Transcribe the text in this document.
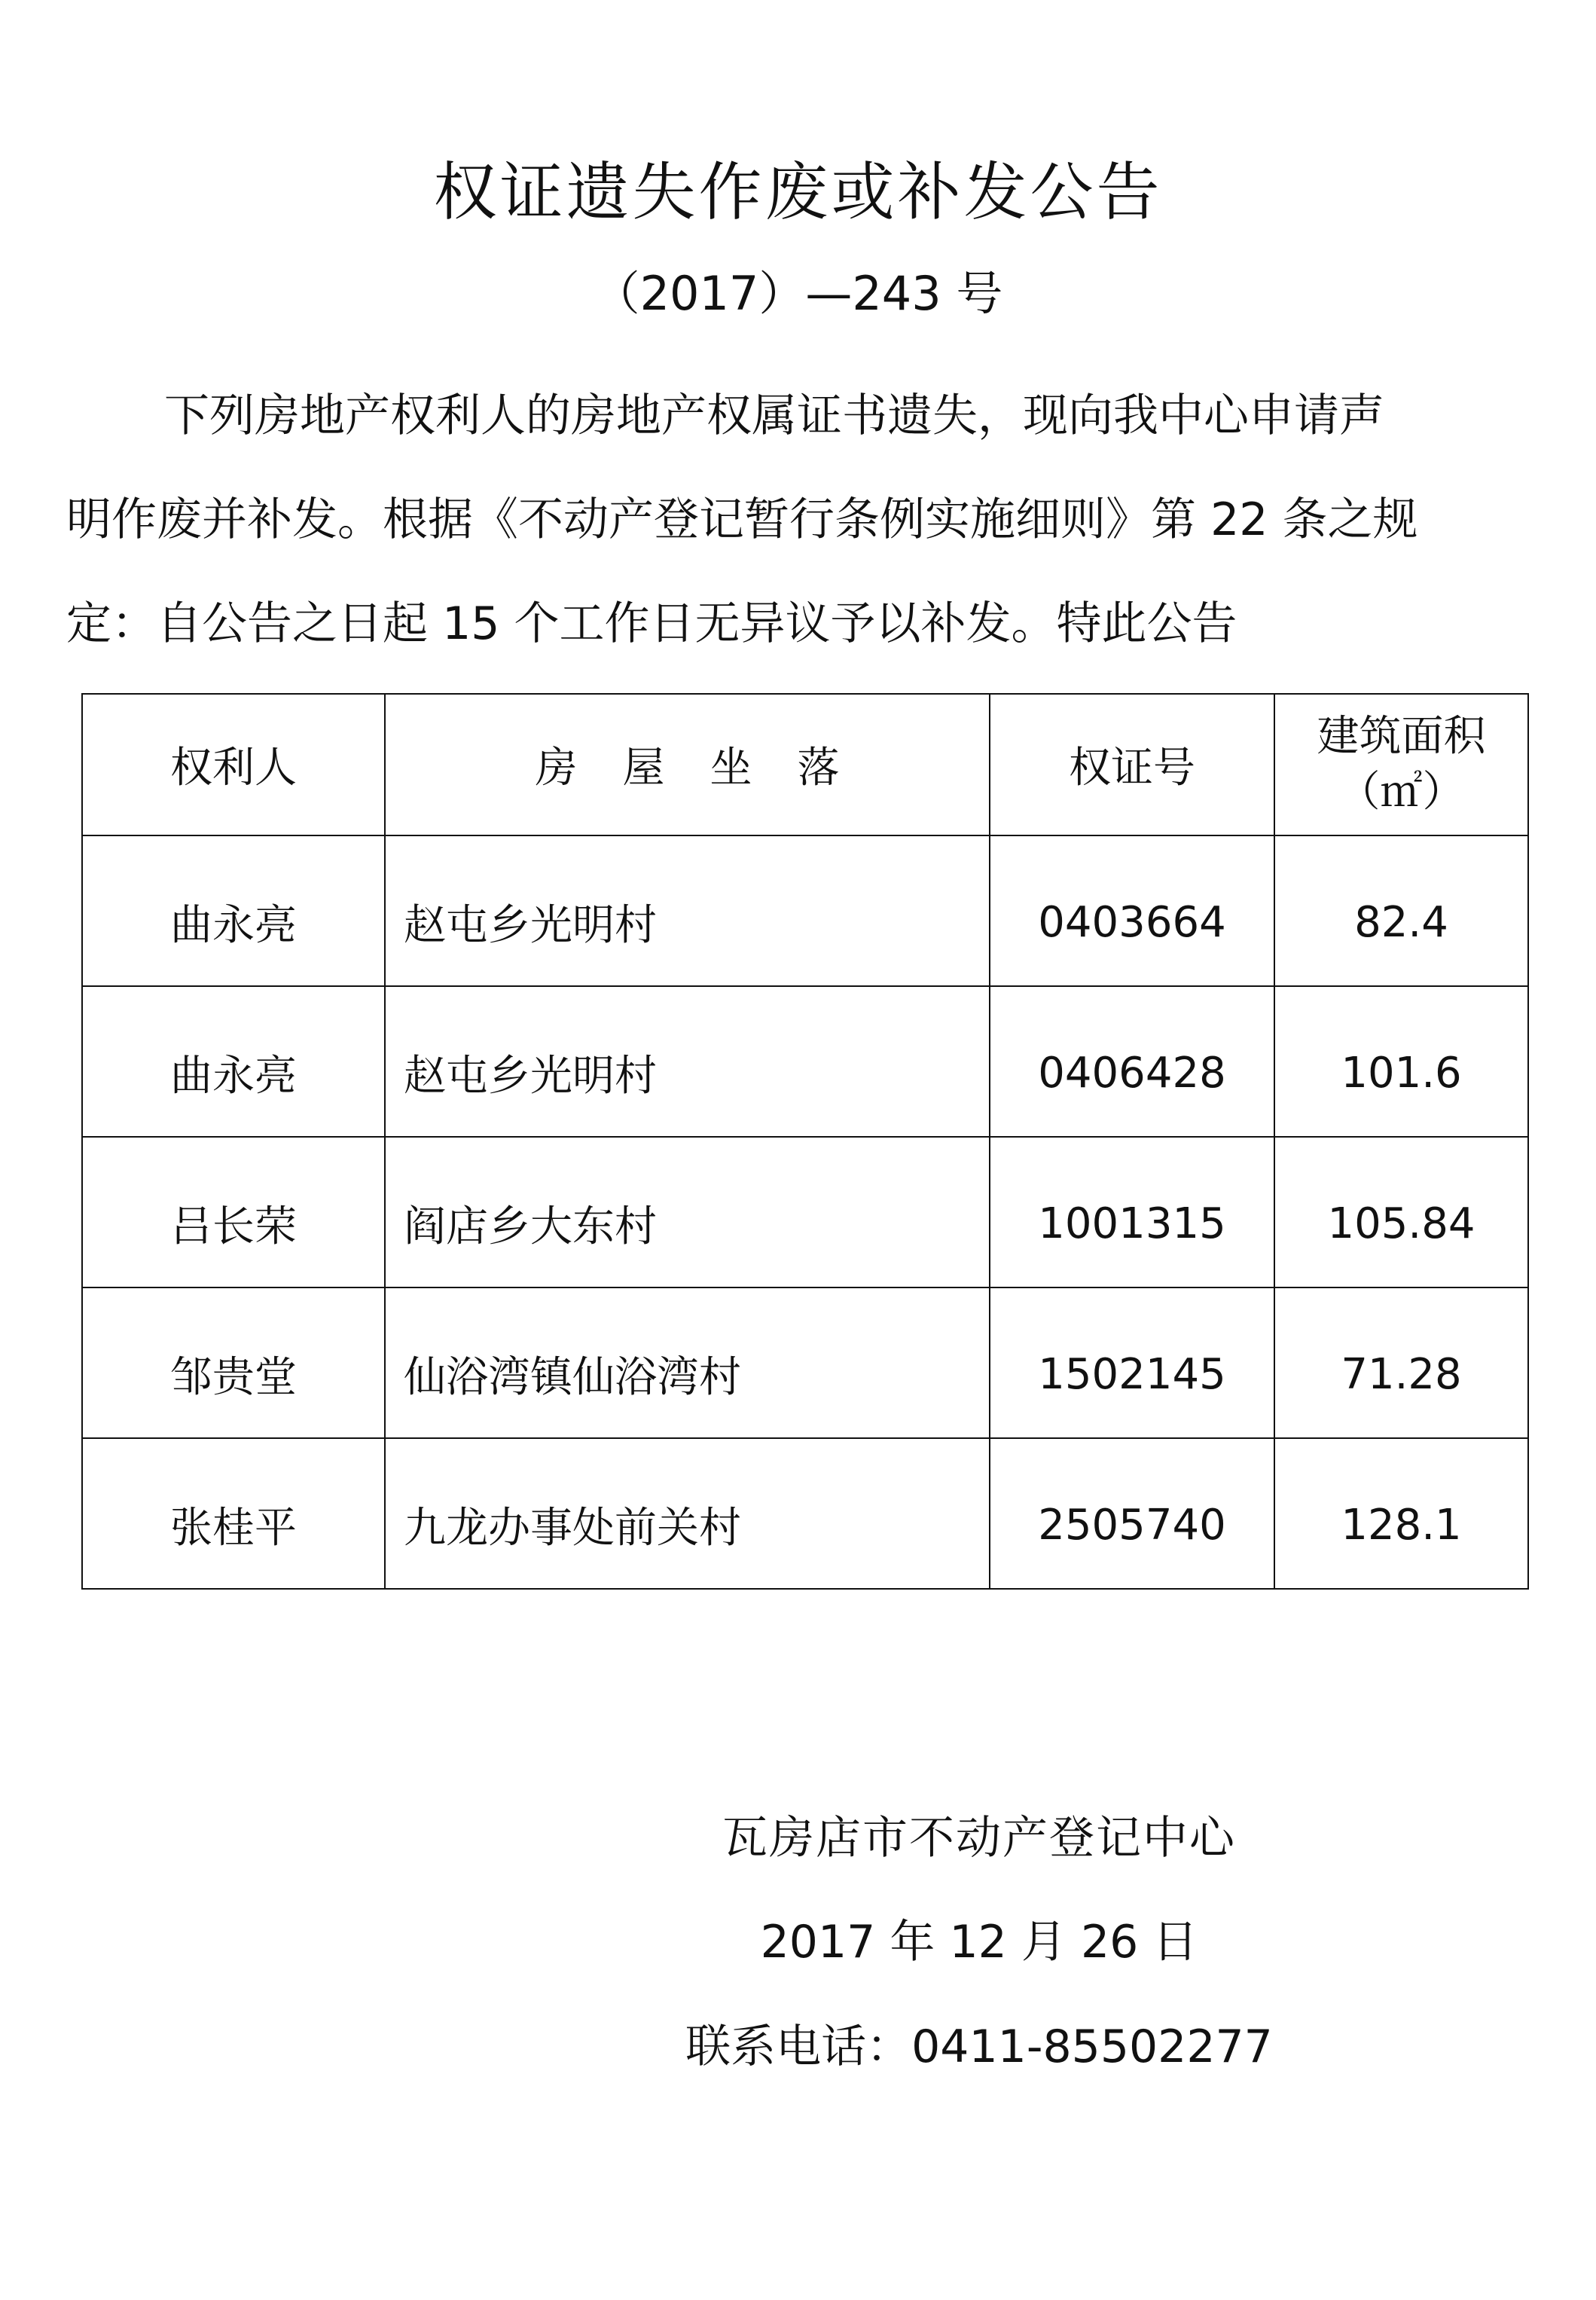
权证遗失作废或补发公告
（2017）—243 号
下列房地产权利人的房地产权属证书遗失，现向我中心申请声
明作废并补发。根据《不动产登记暂行条例实施细则》第 22 条之规
定：自公告之日起 15 个工作日无异议予以补发。特此公告
权利人	房屋坐落	权证号	建筑面积
（㎡）

曲永亮	赵屯乡光明村	0403664	82.4
曲永亮	赵屯乡光明村	0406428	101.6
吕长荣	阎店乡大东村	1001315	105.84
邹贵堂	仙浴湾镇仙浴湾村	1502145	71.28
张桂平	九龙办事处前关村	2505740	128.1
瓦房店市不动产登记中心
2017 年 12 月 26 日
联系电话：0411-85502277
